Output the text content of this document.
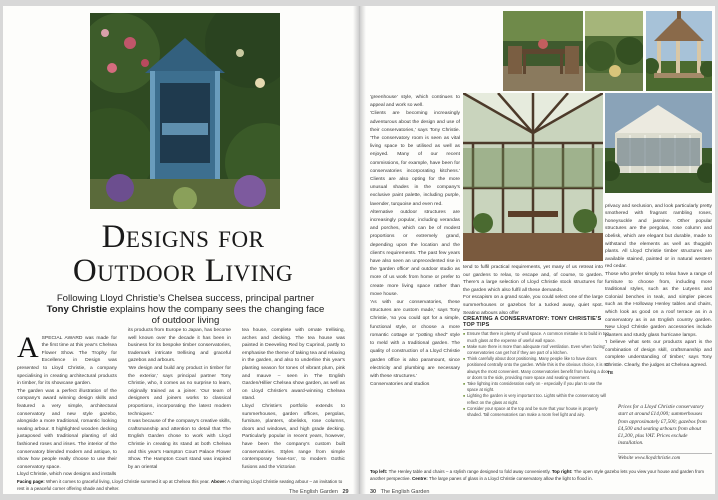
Designs for
Outdoor Living
Following Lloyd Christie’s Chelsea success, principal partner
Tony Christie explains how the company sees the changing face of outdoor living

ASPECIAL AWARD was made for the first time at this year's Chelsea Flower Show. The Trophy for Excellence in Design was presented to Lloyd Christie, a company specialising in creating architectural products in timber, for its showcase garden.
The garden was a perfect illustration of the company's award winning design skills and featured a very simple, architectural conservatory and new style gazebo, alongside a more traditional, romantic looking seating arbour. It highlighted wooden decking juxtaposed with traditional planting of old fashioned roses and irises. The interior of the conservatory blended modern and antique, to show how people really choose to use their conservatory space.
Lloyd Christie, which now designs and installs

its products from Europe to Japan, has become well known over the decade it has been in business for its bespoke timber conservatories, trademark intricate trellising and graceful gazebos and arbours.
'We design and build any product in timber for the exterior,' says principal partner Tony Christie, who, it comes as no surprise to learn, originally trained as a joiner. 'Our team of designers and joiners works to classical proportions, incorporating the latest modern techniques.'
It was because of the company's creative skills, craftsmanship and attention to detail that The English Garden chose to work with Lloyd Christie in creating its stand at both Chelsea and this year's Hampton Court Palace Flower Show. The Hampton Court stand was inspired by an oriental
tea house, complete with ornate trellising, arches and decking. The tea house was painted in Deeveling Red by Cuprinol, partly to emphasise the theme of taking tea and relaxing in the garden, and also to underline this year's planting season for tones of vibrant plum, pink and mauve – seen in The English Garden/Hillier Chelsea show garden, as well as on Lloyd Christie's award-winning Chelsea stand.
Lloyd Christie's portfolio extends to summerhouses, garden offices, pergolas, furniture, planters, obelisks, rose columns, doors and windows, and high grade decking. Particularly popular in recent years, however, have been the company's custom built conservatories. Styles range from simple contemporary 'lean-tos', to modern Gothic fusions and the Victorian
Facing page: When it comes to graceful living, Lloyd Christie summed it up at Chelsea this year. Above: A charming Lloyd Christie seating arbour – an invitation to rest in a peaceful corner offering shade and shelter.
The English Garden 29
'greenhouse' style, which continues to appeal and work so well.
'Clients are becoming increasingly adventurous about the design and use of their conservatories,' says Tony Christie. 'The conservatory room is seen as vital living space to be utilised as well as enjoyed. Many of our recent commissions, for example, have been for conservatories incorporating kitchens.' Clients are also opting for the more unusual shades in the company's exclusive paint palette, including purple, lavender, turquoise and even red.
Alternative outdoor structures are increasingly popular, including verandas and porches, which can be of modest proportions or extremely grand, depending upon the location and the client's requirements. The past few years have also seen an unprecedented rise in the 'garden office' and outdoor studio as more of us work from home or prefer to create more living space rather than move house.
'As with our conservatories, these structures are custom made,' says Tony Christie, 'so you could opt for a simple, functional style, or choose a more romantic cottage or "potting shed" style to meld with a traditional garden. The quality of construction of a Lloyd Christie garden office is also paramount, since electricity and plumbing are necessary with these structures.'
Conservatories and studios
tend to fulfil practical requirements, yet many of us retreat into our gardens to relax, to escape and, of course, to garden. There's a large selection of Lloyd Christie stock structures for the garden which also fulfil all these demands.
For escapism on a grand scale, you could select one of the large summerhouses or gazebos for a tucked away, quiet spot. Seating arbours also offer

privacy and seclusion, and look particularly pretty smothered with fragrant rambling roses, honeysuckle and jasmine. Other popular structures are the pergolas, rose column and obelisk, which are elegant but durable, made to withstand the elements as well as thuggish plants. All Lloyd Christie timber structures are available stained, painted or in natural western red cedar.
Those who prefer simply to relax have a range of furniture to choose from, including more traditional styles, such as the Lutyens and Colonial benches in teak, and simpler pieces such as the Holloway Henley tables and chairs, which look as good on a roof terrace as in a conservatory as in an English country garden. New Lloyd Christie garden accessories include planters and sturdy glass hurricane lamps.
'I believe what sets our products apart is the combination of design skill, craftsmanship and complete understanding of timber,' says Tony Christie. Clearly, the judges at Chelsea agreed.
TE

CREATING A CONSERVATORY: TONY CHRISTIE'S TOP TIPS
■ Ensure that there is plenty of wall space. A common mistake is to build in too much glass at the expense of useful wall space.
■ Make sure there is more than adequate roof ventilation. Even when 'lazing' conservatories can get hot if they are part of a kitchen.
■ Think carefully about door positioning. Many people like to have doors positioned centrally onto the garden. While this is the obvious choice, it is not always the most convenient. Many conservatories benefit from having a door or doors to the side, providing more space and seating movement.
■ Take lighting into consideration early on - especially if you plan to use the space at night.
■ Lighting the garden is very important too. Lights within the conservatory will reflect on the glass at night.
■ Consider your space at the top and be sure that your house is properly shaded. Tall conservatories can make a room feel light and airy.
Prices for a Lloyd Christie conservatory start at around £14,000; summerhouses from approximately £7,500; gazebos from £4,500 and seating arbours from about £1,200, plus VAT. Prices exclude installation.
Website www.lloydchristie.com
Top left: The Henley table and chairs – a stylish range designed to fold away conveniently. Top right: The open style gazebo lets you view your house and garden from another perspective. Centre: The large panes of glass in a Lloyd Christie conservatory allow the light to flood in.
30 The English Garden
